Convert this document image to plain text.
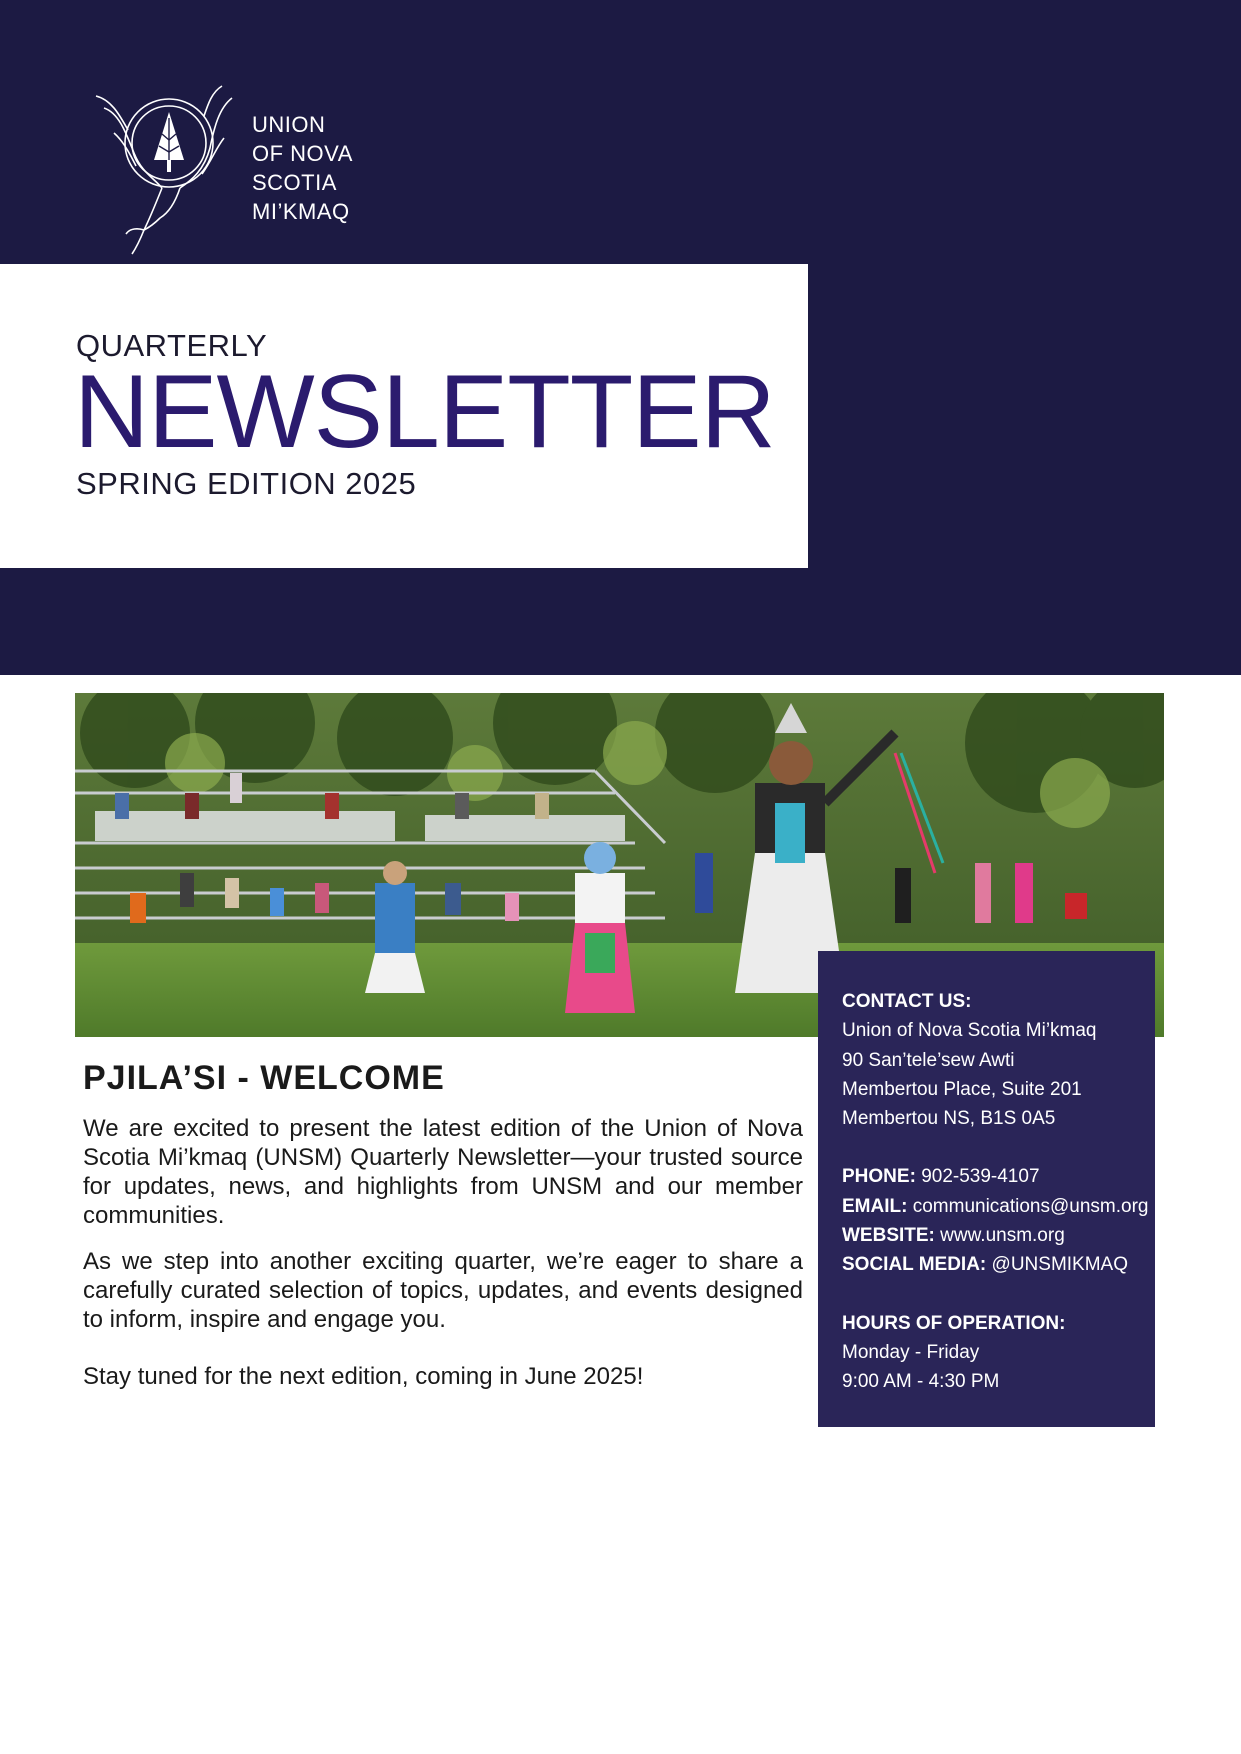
UNION
OF NOVA
SCOTIA
MI’KMAQ
QUARTERLY
NEWSLETTER
SPRING EDITION 2025
PJILA’SI - WELCOME

We are excited to present the latest edition of the Union of Nova Scotia Mi’kmaq (UNSM) Quarterly Newsletter—your trusted source for updates, news, and highlights from UNSM and our member communities.

As we step into another exciting quarter, we’re eager to share a carefully curated selection of topics, updates, and events designed to inform, inspire and engage you.

Stay tuned for the next edition, coming in June 2025!

CONTACT US:
Union of Nova Scotia Mi’kmaq
90 San’tele’sew Awti
Membertou Place, Suite 201
Membertou NS, B1S 0A5
PHONE: 902-539-4107
EMAIL: communications@unsm.org
WEBSITE: www.unsm.org
SOCIAL MEDIA: @UNSMIKMAQ
HOURS OF OPERATION:
Monday - Friday
9:00 AM - 4:30 PM
